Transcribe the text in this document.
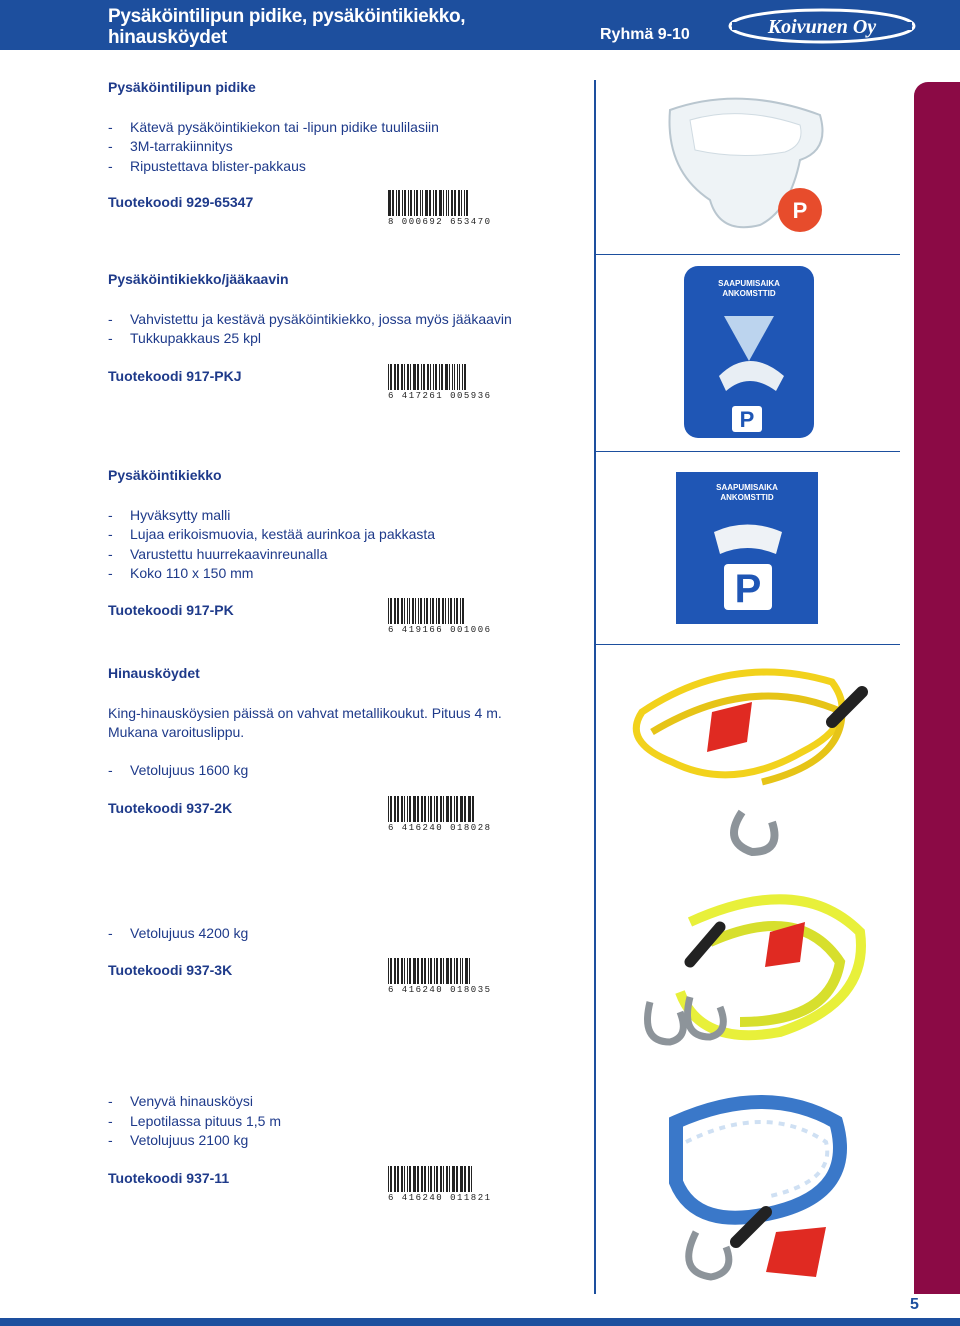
Pysäköintilipun pidike, pysäköintikiekko,
hinausköydet	Ryhmä 9-10	Koivunen Oy
5

Pysäköintilipun pidike

- Kätevä pysäköintikiekon tai -lipun pidike tuulilasiin
- 3M-tarrakiinnitys
- Ripustettava blister-pakkaus
Tuotekoodi 929-65347
8 000692 653470

Pysäköintikiekko/jääkaavin

- Vahvistettu ja kestävä pysäköintikiekko, jossa myös jääkaavin
- Tukkupakkaus 25 kpl
Tuotekoodi 917-PKJ
6 417261 005936

Pysäköintikiekko

- Hyväksytty malli
- Lujaa erikoismuovia, kestää aurinkoa ja pakkasta
- Varustettu huurrekaavinreunalla
- Koko 110 x 150 mm
Tuotekoodi 917-PK
6 419166 001006

Hinausköydet

King-hinausköysien päissä on vahvat metallikoukut. Pituus 4 m.

Mukana varoituslippu.

- Vetolujuus 1600 kg
Tuotekoodi 937-2K
6 416240 018028
- Vetolujuus 4200 kg
Tuotekoodi 937-3K
6 416240 018035
- Venyvä hinausköysi
- Lepotilassa pituus 1,5 m
- Vetolujuus 2100 kg
Tuotekoodi 937-11
6 416240 011821
P
SAAPUMISAIKA
ANKOMSTTID
P
SAAPUMISAIKA
ANKOMSTTID
P
